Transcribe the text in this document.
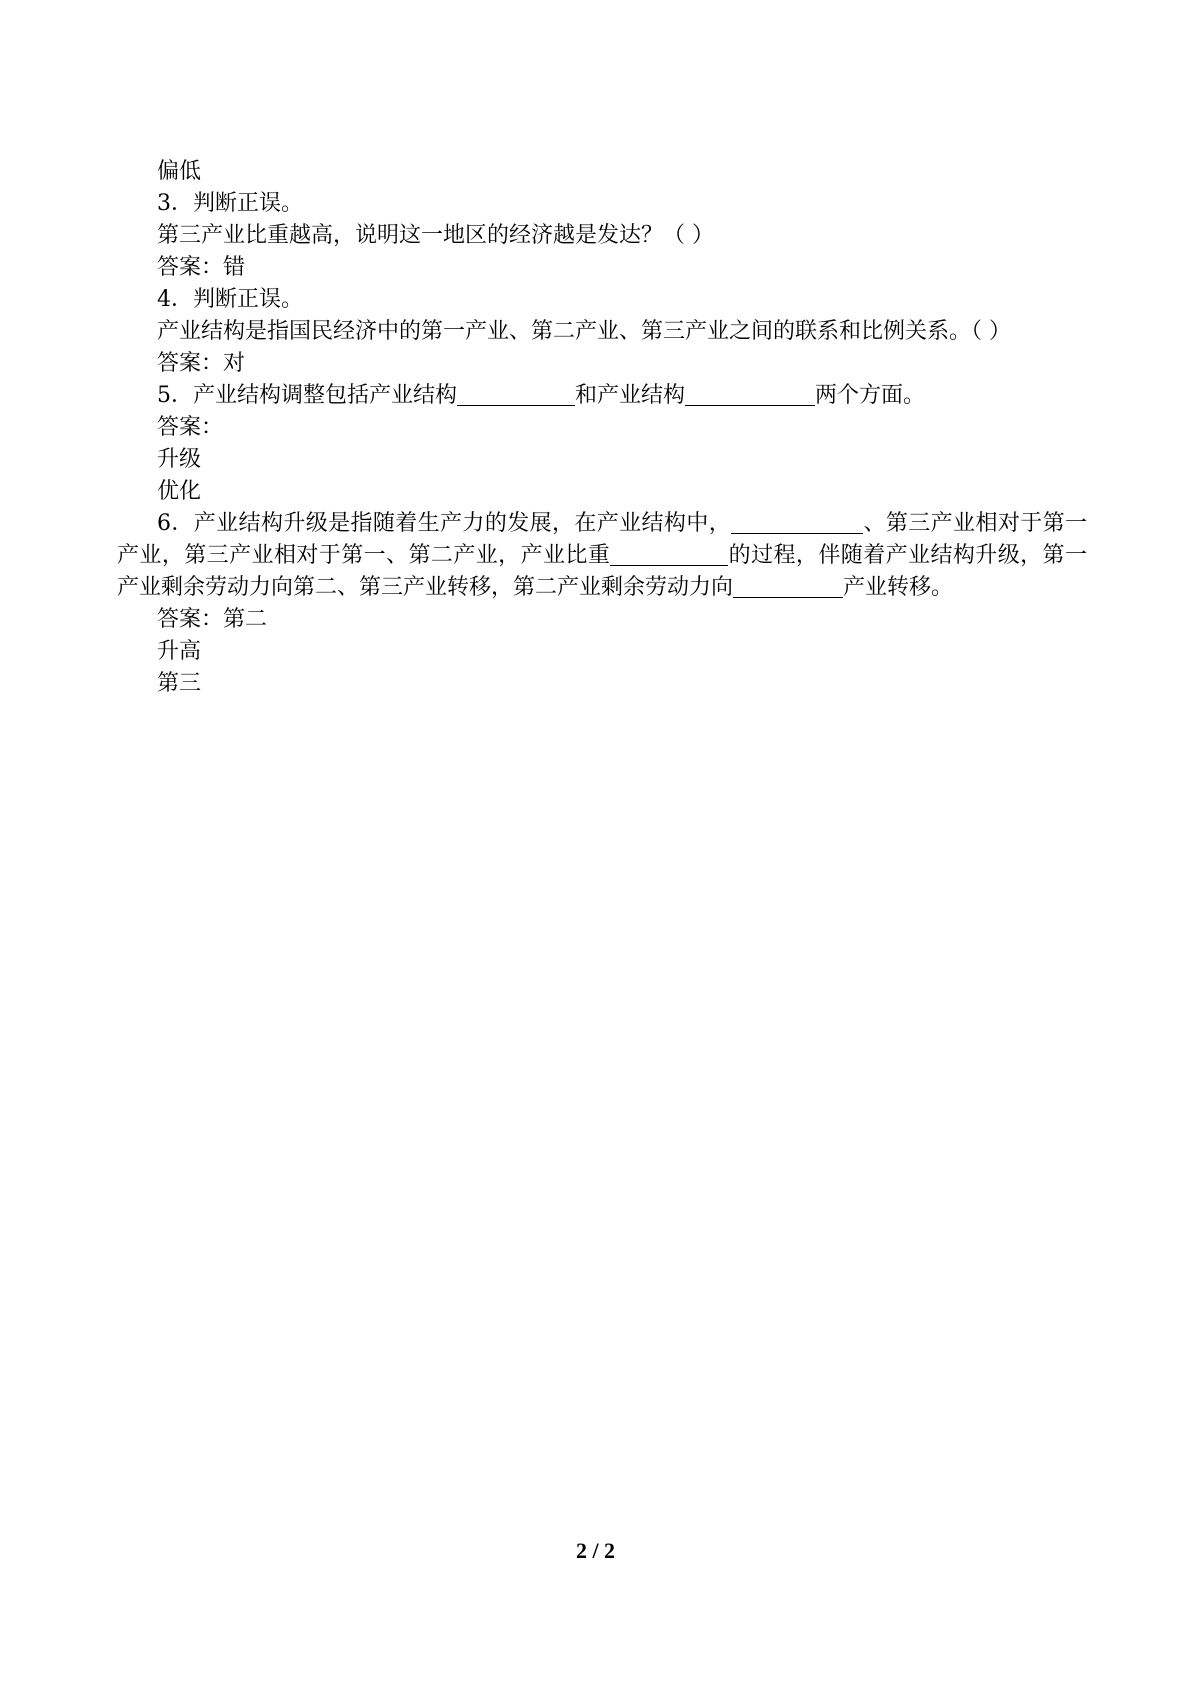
偏低

3．判断正误。

第三产业比重越高，说明这一地区的经济越是发达？（ ）

答案：错

4．判断正误。

产业结构是指国民经济中的第一产业、第二产业、第三产业之间的联系和比例关系。（ ）

答案：对

5．产业结构调整包括产业结构	和产业结构	两个方面。

答案：

升级

优化

6．产业结构升级是指随着生产力的发展，在产业结构中，	、第三产业相对于第一产业，第三产业相对于第一、第二产业，产业比重	的过程，伴随着产业结构升级，第一产业剩余劳动力向第二、第三产业转移，第二产业剩余劳动力向	产业转移。

答案：第二

升高

第三

2 / 2
